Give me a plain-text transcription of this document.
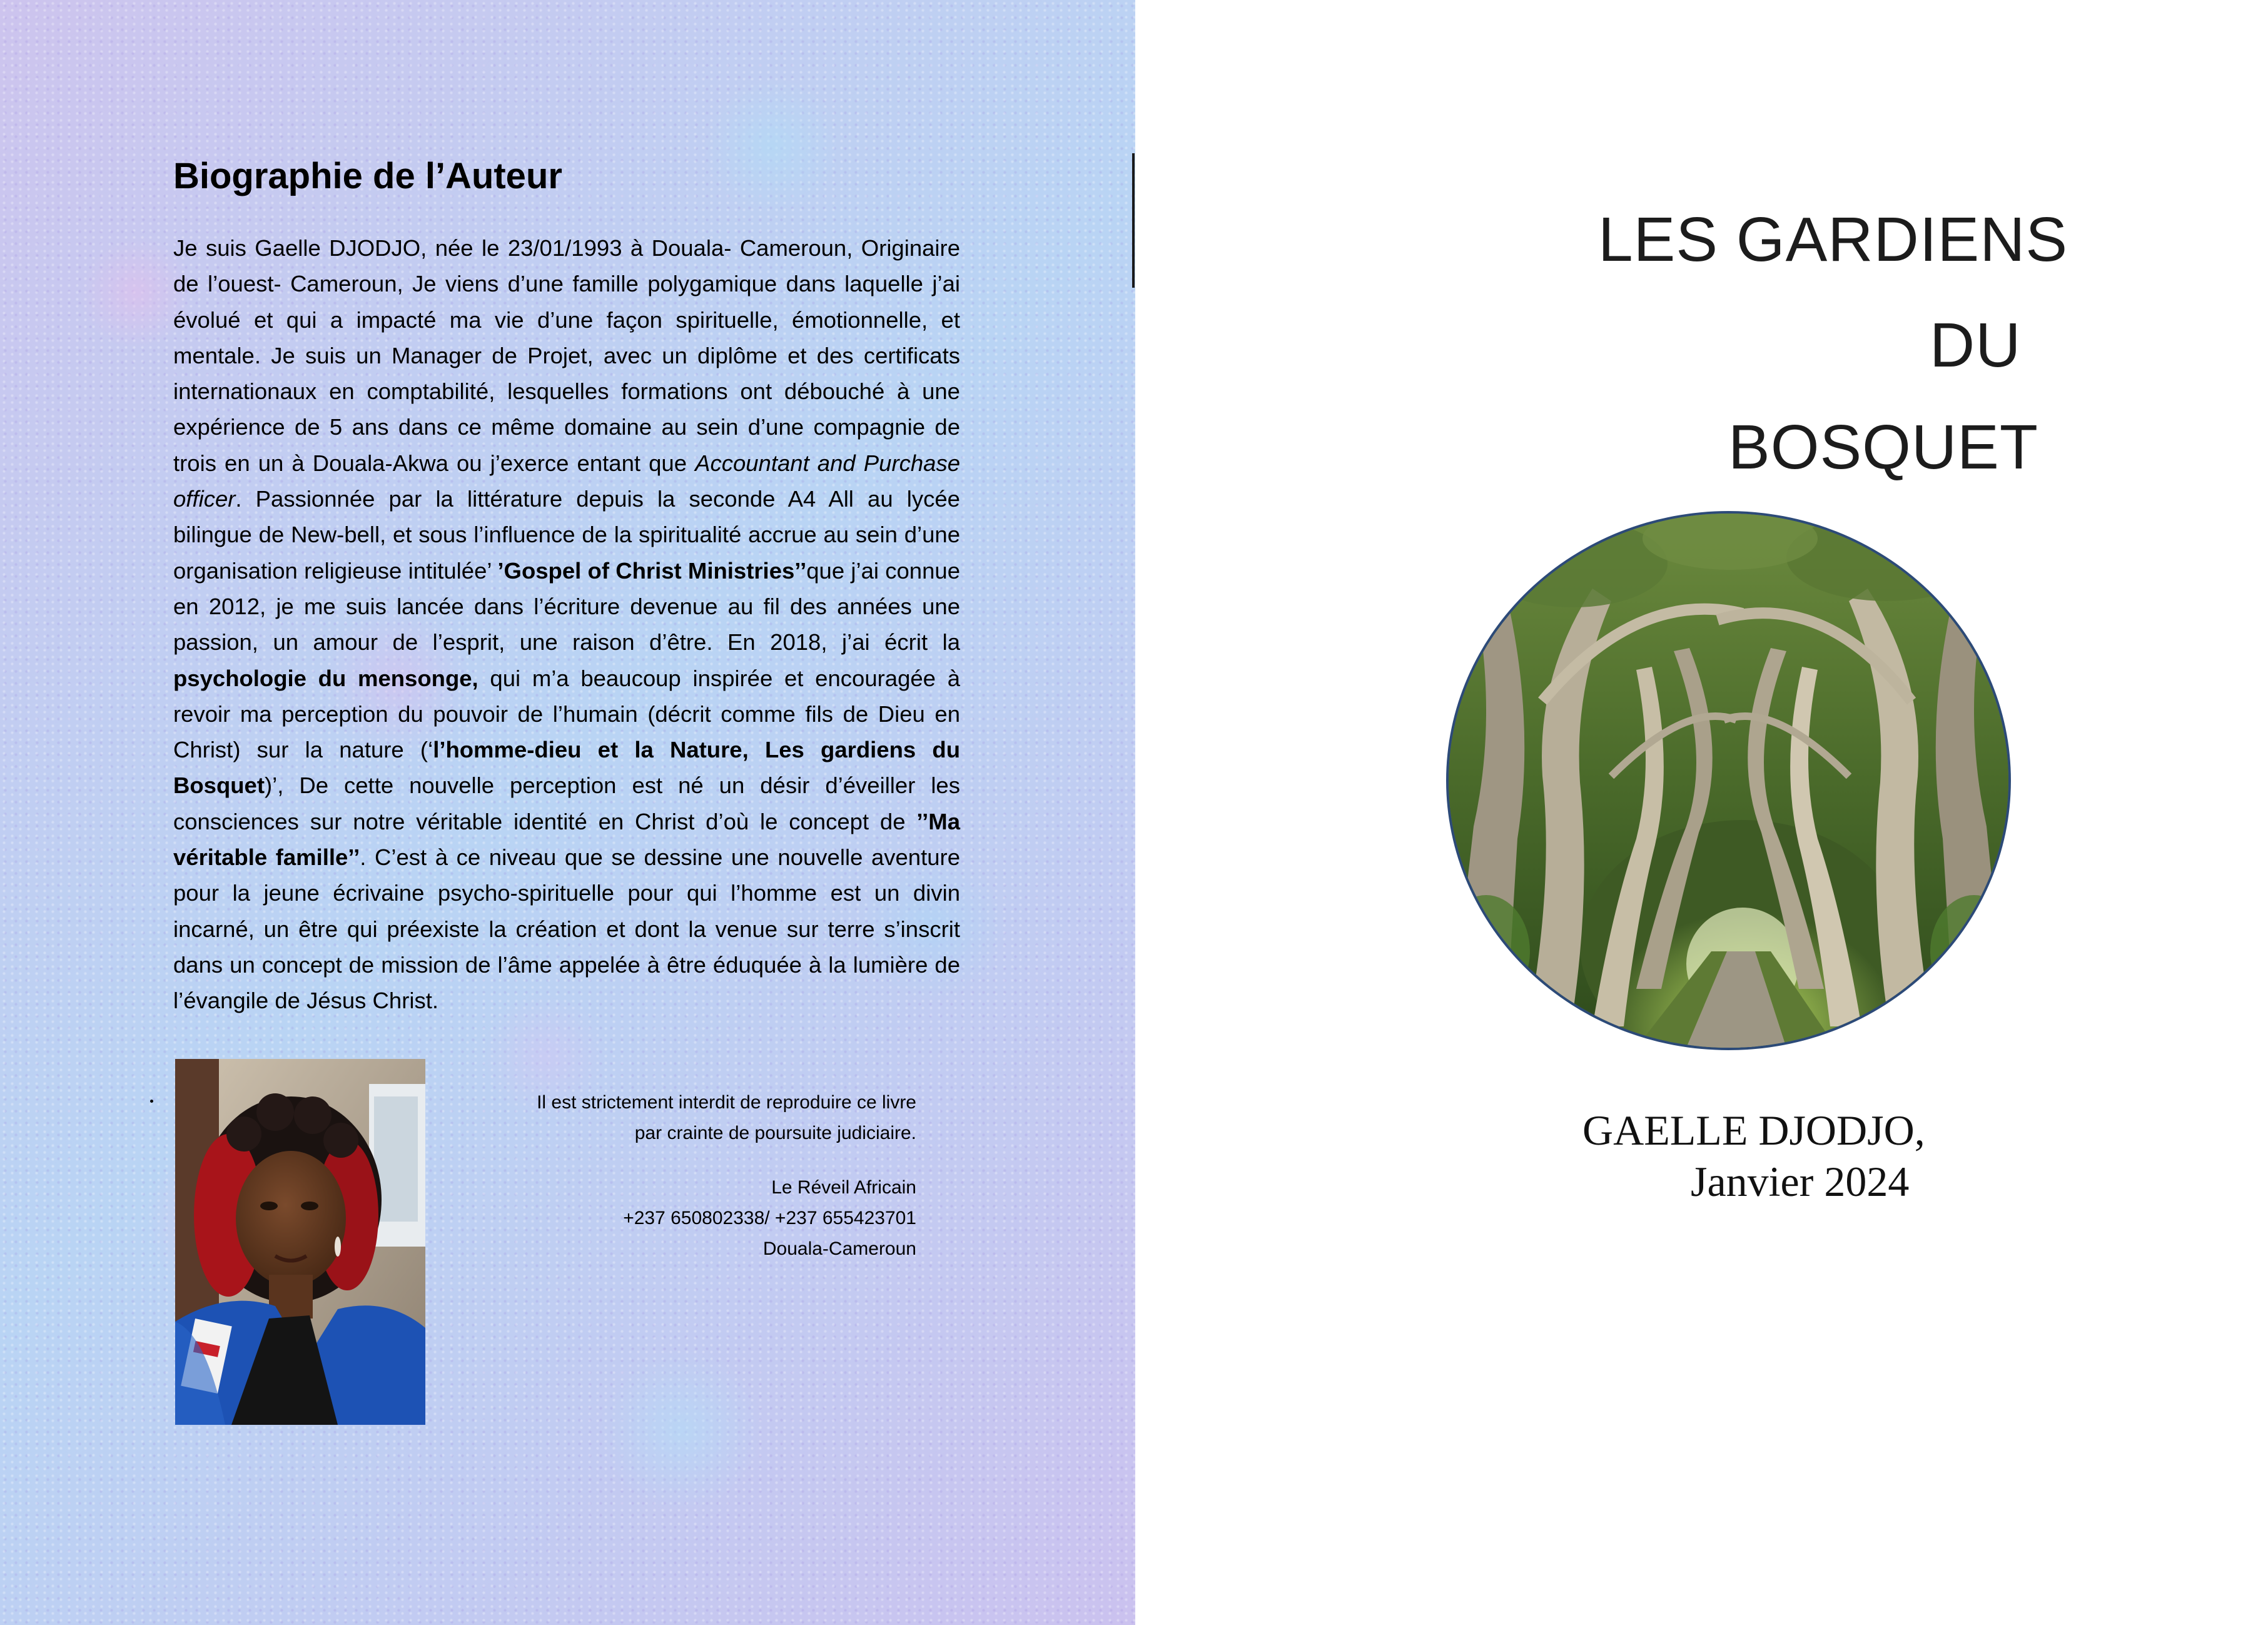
Biographie de l’Auteur

Je suis Gaelle DJODJO, née le 23/01/1993 à Douala- Cameroun, Originaire de l’ouest- Cameroun, Je viens d’une famille polygamique dans laquelle j’ai évolué et qui a impacté ma vie d’une façon spirituelle, émotionnelle, et mentale. Je suis un Manager de Projet, avec un diplôme et des certificats internationaux en comptabilité, lesquelles formations ont débouché à une expérience de 5 ans dans ce même domaine au sein d’une compagnie de trois en un à Douala-Akwa ou j’exerce entant que Accountant and Purchase officer. Passionnée par la littérature depuis la seconde A4 All au lycée bilingue de New-bell, et sous l’influence de la spiritualité accrue au sein d’une organisation religieuse intitulée’ ’Gospel of Christ Ministries’’que j’ai connue en 2012, je me suis lancée dans l’écriture devenue au fil des années une passion, un amour de l’esprit, une raison d’être. En 2018, j’ai écrit la psychologie du mensonge, qui m’a beaucoup inspirée et encouragée à revoir ma perception du pouvoir de l’humain (décrit comme fils de Dieu en Christ) sur la nature (‘l’homme-dieu et la Nature, Les gardiens du Bosquet)’, De cette nouvelle perception est né un désir d’éveiller les consciences sur notre véritable identité en Christ d’où le concept de ’’Ma véritable famille’’. C’est à ce niveau que se dessine une nouvelle aventure pour la jeune écrivaine psycho-spirituelle pour qui l’homme est un divin incarné, un être qui préexiste la création et dont la venue sur terre s’inscrit dans un concept de mission de l’âme appelée à être éduquée à la lumière de l’évangile de Jésus Christ.

Il est strictement interdit de reproduire ce livre
par crainte de poursuite judiciaire.
Le Réveil Africain
+237 650802338/ +237 655423701
Douala-Cameroun
LES GARDIENS
DU
BOSQUET

GAELLE DJODJO,

Janvier 2024
